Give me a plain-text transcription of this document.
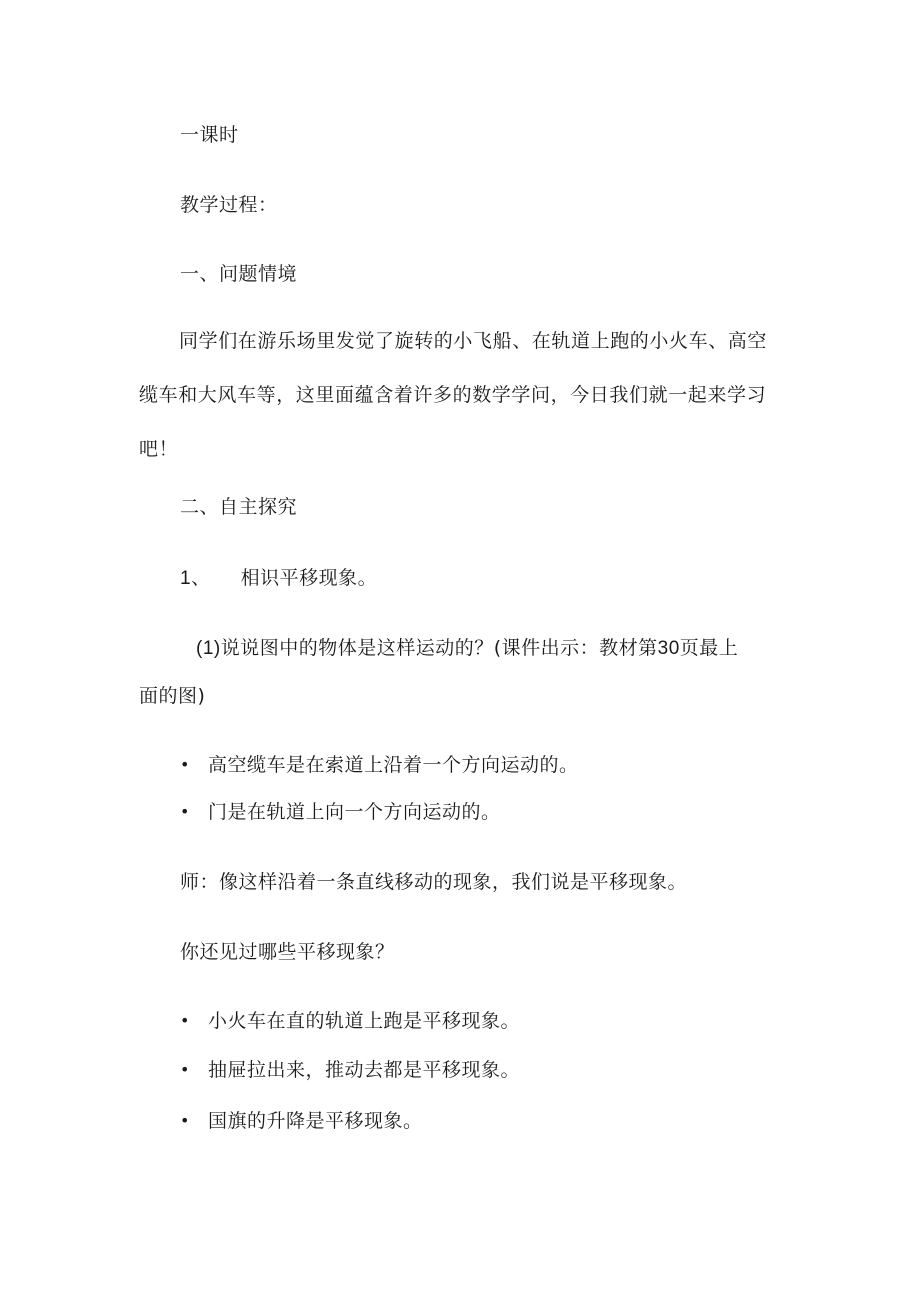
一课时
教学过程：
一、问题情境
同学们在游乐场里发觉了旋转的小飞船、在轨道上跑的小火车、高空缆车和大风车等，这里面蕴含着许多的数学学问，今日我们就一起来学习吧！
二、自主探究
1、 相识平移现象。
(1)说说图中的物体是这样运动的？(课件出示：教材第30页最上
面的图)
• 高空缆车是在索道上沿着一个方向运动的。
• 门是在轨道上向一个方向运动的。
师：像这样沿着一条直线移动的现象，我们说是平移现象。
你还见过哪些平移现象？
• 小火车在直的轨道上跑是平移现象。
• 抽屉拉出来，推动去都是平移现象。
• 国旗的升降是平移现象。
